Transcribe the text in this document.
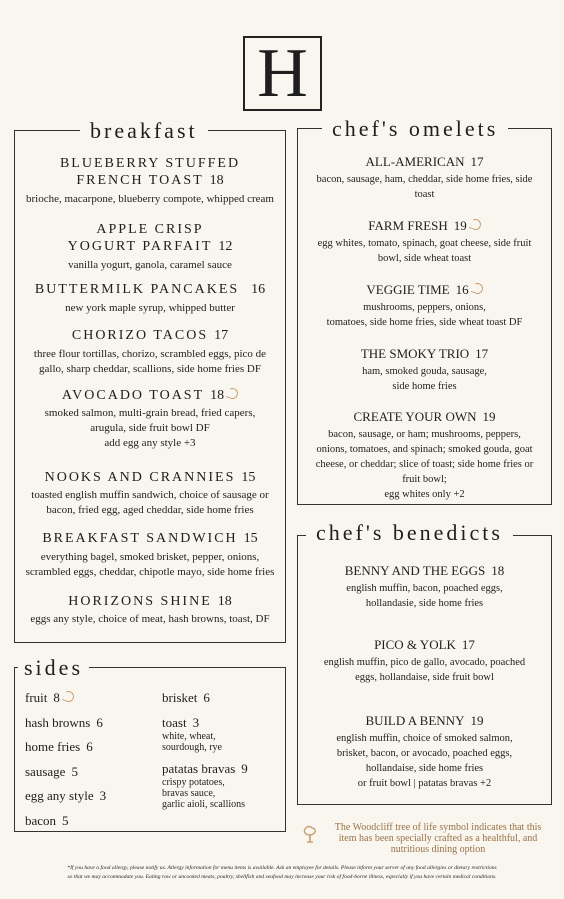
H
breakfast
BLUEBERRY STUFFED
FRENCH TOAST 18
brioche, macarpone, blueberry compote, whipped cream
APPLE CRISP
YOGURT PARFAIT 12
vanilla yogurt, ganola, caramel sauce
BUTTERMILK PANCAKES 16
new york maple syrup, whipped butter
CHORIZO TACOS 17
three flour tortillas, chorizo, scrambled eggs, pico de
gallo, sharp cheddar, scallions, side home fries DF
AVOCADO TOAST 18
smoked salmon, multi-grain bread, fried capers,
arugula, side fruit bowl DF
add egg any style +3
NOOKS AND CRANNIES 15
toasted english muffin sandwich, choice of sausage or
bacon, fried egg, aged cheddar, side home fries
BREAKFAST SANDWICH 15
everything bagel, smoked brisket, pepper, onions,
scrambled eggs, cheddar, chipotle mayo, side home fries
HORIZONS SHINE 18
eggs any style, choice of meat, hash browns, toast, DF
chef's omelets
ALL-AMERICAN 17
bacon, sausage, ham, cheddar, side home fries, side
toast
FARM FRESH 19
egg whites, tomato, spinach, goat cheese, side fruit
bowl, side wheat toast
VEGGIE TIME 16
mushrooms, peppers, onions,
tomatoes, side home fries, side wheat toast DF
THE SMOKY TRIO 17
ham, smoked gouda, sausage,
side home fries
CREATE YOUR OWN 19
bacon, sausage, or ham; mushrooms, peppers,
onions, tomatoes, and spinach; smoked gouda, goat
cheese, or cheddar; slice of toast; side home fries or
fruit bowl;
egg whites only +2
chef's benedicts
BENNY AND THE EGGS 18
english muffin, bacon, poached eggs,
hollandasie, side home fries
PICO & YOLK 17
english muffin, pico de gallo, avocado, poached
eggs, hollandaise, side fruit bowl
BUILD A BENNY 19
english muffin, choice of smoked salmon,
brisket, bacon, or avocado, poached eggs,
hollandaise, side home fries
or fruit bowl | patatas bravas +2
sides
fruit 8
hash browns 6
home fries 6
sausage 5
egg any style 3
bacon 5
brisket 6
toast 3
white, wheat,
sourdough, rye
patatas bravas 9
crispy potatoes,
bravas sauce,
garlic aioli, scallions
The Woodcliff tree of life symbol indicates that this
item has been specially crafted as a healthful, and
nutritious dining option
*If you have a food allergy, please notify us. Allergy information for menu items is available. Ask an employee for details. Please inform your server of any food allergies or dietary restrictions
so that we may accommodate you. Eating raw or uncooked meats, poultry, shellfish and seafood may increase your risk of food-borne illness, especially if you have certain medical conditions.
